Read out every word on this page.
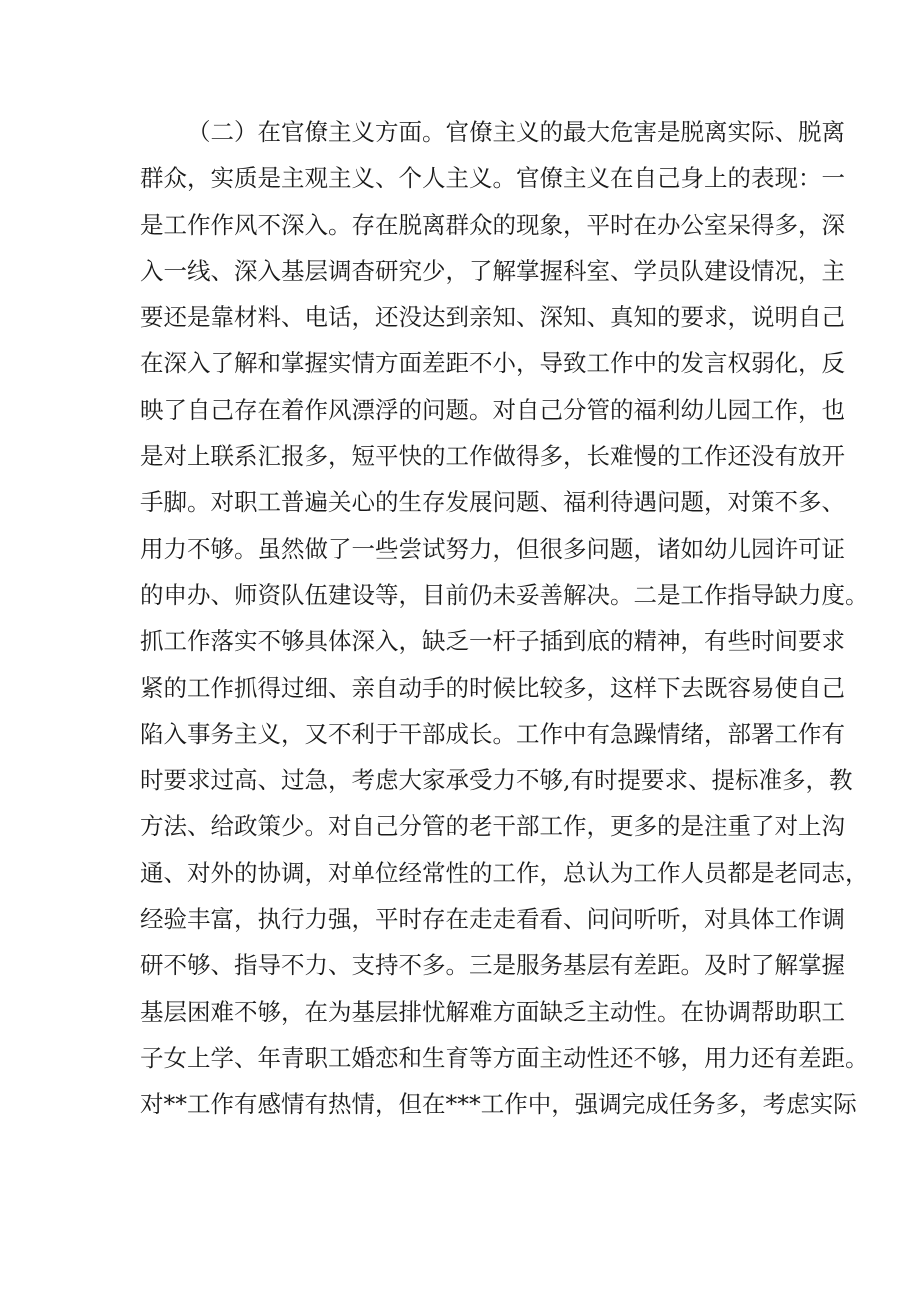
（二）在官僚主义方面。官僚主义的最大危害是脱离实际、脱离
群众，实质是主观主义、个人主义。官僚主义在自己身上的表现：一
是工作作风不深入。存在脱离群众的现象，平时在办公室呆得多，深
入一线、深入基层调杳研究少，了解掌握科室、学员队建设情况，主
要还是靠材料、电话，还没达到亲知、深知、真知的要求，说明自己
在深入了解和掌握实情方面差距不小，导致工作中的发言权弱化，反
映了自己存在着作风漂浮的问题。对自己分管的福利幼儿园工作，也
是对上联系汇报多，短平快的工作做得多，长难慢的工作还没有放开
手脚。对职工普遍关心的生存发展问题、福利待遇问题，对策不多、
用力不够。虽然做了一些尝试努力，但很多问题，诸如幼儿园许可证
的申办、师资队伍建设等，目前仍未妥善解决。二是工作指导缺力度。
抓工作落实不够具体深入，缺乏一杆子插到底的精神，有些时间要求
紧的工作抓得过细、亲自动手的时候比较多，这样下去既容易使自己
陷入事务主义，又不利于干部成长。工作中有急躁情绪，部署工作有
时要求过高、过急，考虑大家承受力不够,有时提要求、提标准多，教
方法、给政策少。对自己分管的老干部工作，更多的是注重了对上沟
通、对外的协调，对单位经常性的工作，总认为工作人员都是老同志，
经验丰富，执行力强，平时存在走走看看、问问听听，对具体工作调
研不够、指导不力、支持不多。三是服务基层有差距。及时了解掌握
基层困难不够，在为基层排忧解难方面缺乏主动性。在协调帮助职工
子女上学、年青职工婚恋和生育等方面主动性还不够，用力还有差距。
对**工作有感情有热情，但在***工作中，强调完成任务多，考虑实际
